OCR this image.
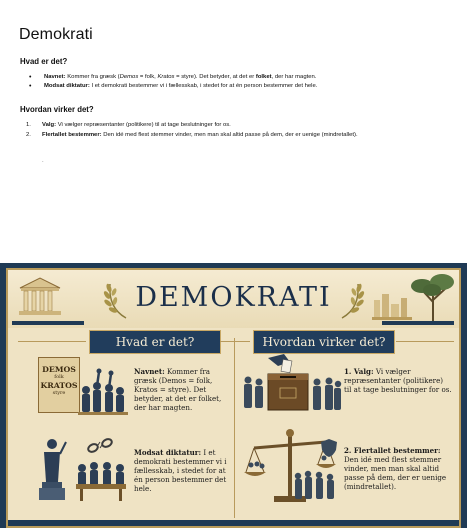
Demokrati
Hvad er det?
• Navnet: Kommer fra græsk (Demos = folk, Kratos = styre). Det betyder, at det er folket, der har magten.
• Modsat diktatur: I et demokrati bestemmer vi i fællesskab, i stedet for at én person bestemmer det hele.
Hvordan virker det?
1. Valg: Vi vælger repræsentanter (politikere) til at tage beslutninger for os.
2. Flertallet bestemmer: Den idé med flest stemmer vinder, men man skal altid passe på dem, der er uenige (mindretallet).
.
DEMOKRATI
Hvad er det?	Hvordan virker det?
DEMOS
folk
KRATOS
styre
Navnet: Kommer fra græsk (Demos = folk, Kratos = styre). Det betyder, at det er folket, der har magten.
Modsat diktatur: I et demokrati bestemmer vi i fællesskab, i stedet for at én person bestemmer det hele.
1. Valg: Vi vælger repræsentanter (politikere) til at tage beslutninger for os.
2. Flertallet bestemmer: Den idé med flest stemmer vinder, men man skal altid passe på dem, der er uenige (mindretallet).
